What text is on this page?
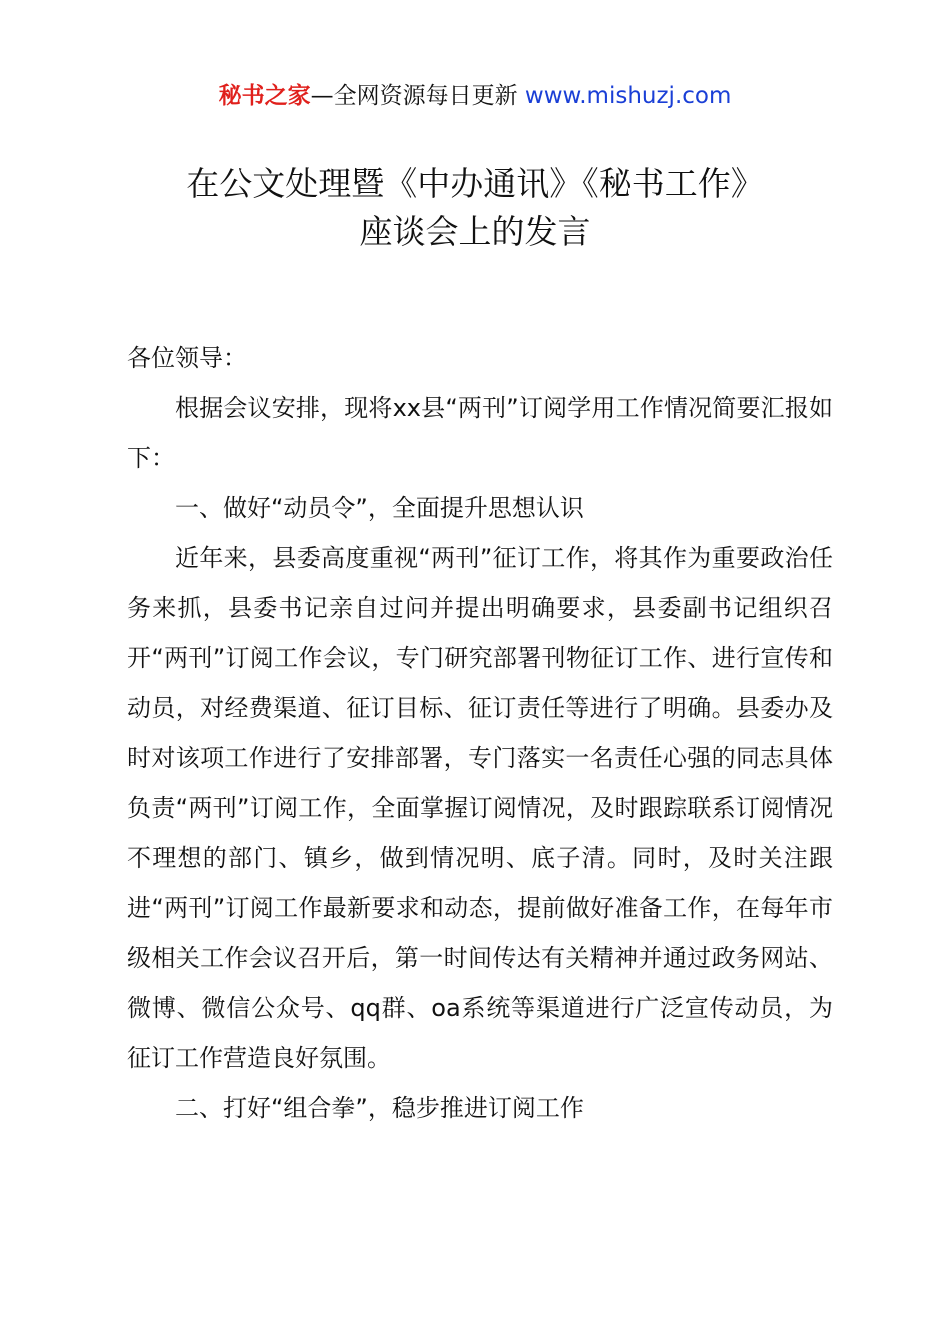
秘书之家—全网资源每日更新 www.mishuzj.com
在公文处理暨《中办通讯》《秘书工作》
座谈会上的发言

各位领导：

根据会议安排，现将xx县“两刊”订阅学用工作情况简要汇报如下：

一、做好“动员令”，全面提升思想认识

近年来，县委高度重视“两刊”征订工作，将其作为重要政治任务来抓，县委书记亲自过问并提出明确要求，县委副书记组织召开“两刊”订阅工作会议，专门研究部署刊物征订工作、进行宣传和动员，对经费渠道、征订目标、征订责任等进行了明确。县委办及时对该项工作进行了安排部署，专门落实一名责任心强的同志具体负责“两刊”订阅工作，全面掌握订阅情况，及时跟踪联系订阅情况不理想的部门、镇乡，做到情况明、底子清。同时，及时关注跟进“两刊”订阅工作最新要求和动态，提前做好准备工作，在每年市级相关工作会议召开后，第一时间传达有关精神并通过政务网站、微博、微信公众号、qq群、oa系统等渠道进行广泛宣传动员，为征订工作营造良好氛围。

二、打好“组合拳”，稳步推进订阅工作
